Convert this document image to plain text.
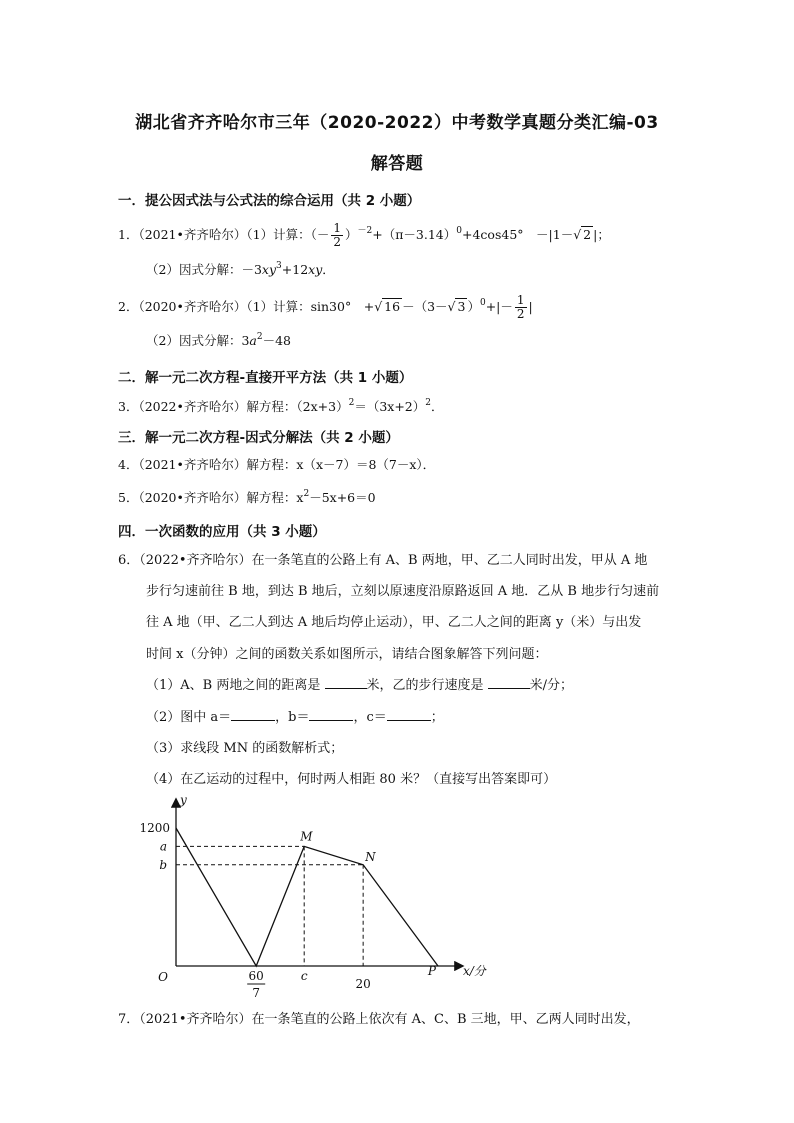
湖北省齐齐哈尔市三年（2020-2022）中考数学真题分类汇编-03
解答题
一．提公因式法与公式法的综合运用（共 2 小题）
1．（2021•齐齐哈尔）（1）计算：（－ $\frac{1}{2} )^{-2}+(\pi-3.14)^0+4\cos 45^\circ$　－|1－√ 2 |；
（2）因式分解：$-3xy^3+12xy$．
2．（2020•齐齐哈尔）（1）计算：sin30°　+√ 16 －（3－√ 3 ）$^0+|- \frac{1}{2}$ |
（2）因式分解：$3a^2-48$
二．解一元二次方程-直接开平方法（共 1 小题）
3．（2022•齐齐哈尔）解方程：$(2x+3)^2=(3x+2)^2$．
三．解一元二次方程-因式分解法（共 2 小题）
4．（2021•齐齐哈尔）解方程：x（x－7）＝8（7－x）．
5．（2020•齐齐哈尔）解方程：$x^2-5x+6=0$
四．一次函数的应用（共 3 小题）
6．（2022•齐齐哈尔）在一条笔直的公路上有 A、B 两地，甲、乙二人同时出发，甲从 A 地
步行匀速前往 B 地，到达 B 地后，立刻以原速度沿原路返回 A 地．乙从 B 地步行匀速前
往 A 地（甲、乙二人到达 A 地后均停止运动），甲、乙二人之间的距离 y（米）与出发
时间 x（分钟）之间的函数关系如图所示，请结合图象解答下列问题：
（1）A、B 两地之间的距离是	米，乙的步行速度是	米/分；
（2）图中 a＝	，b＝	，c＝	；
（3）求线段 MN 的函数解析式；
（4）在乙运动的过程中，何时两人相距 80 米？（直接写出答案即可）
1200
a
b
y
O	x/分
60
7
c
20
M
N
P
7．（2021•齐齐哈尔）在一条笔直的公路上依次有 A、C、B 三地，甲、乙两人同时出发，
